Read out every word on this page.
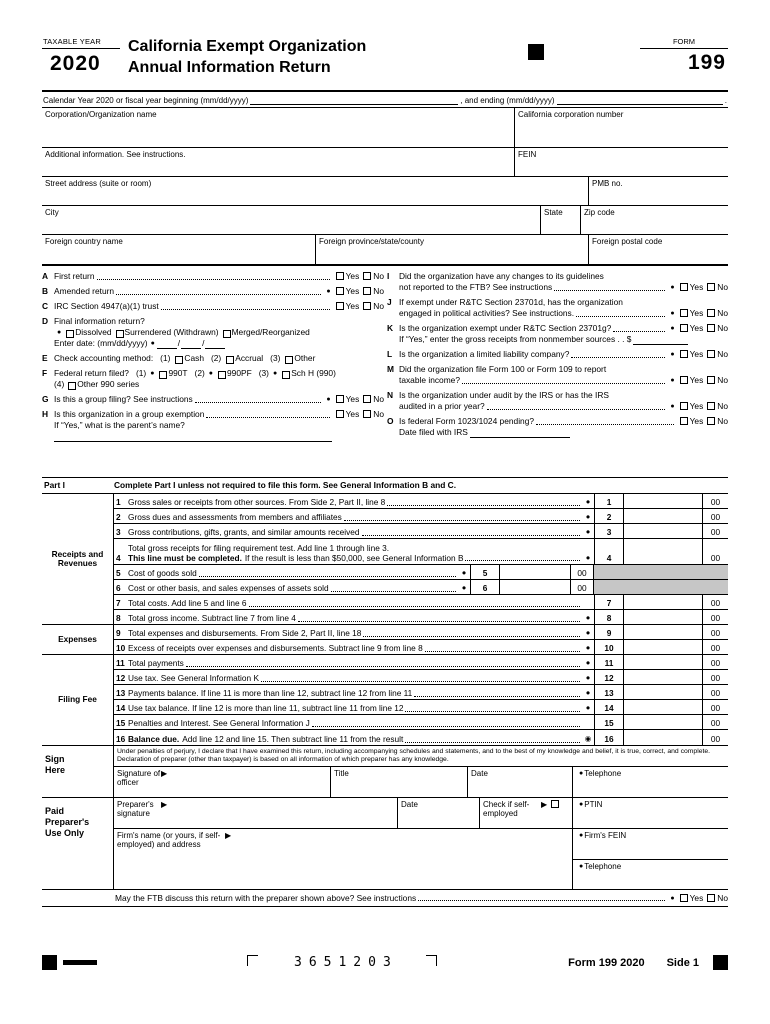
TAXABLE YEAR
2020
California Exempt Organization
Annual Information Return
FORM
199
Calendar Year 2020 or fiscal year beginning (mm/dd/yyyy)	, and ending (mm/dd/yyyy)	.
Corporation/Organization name	California corporation number
Additional information. See instructions.	FEIN
Street address (suite or room)	PMB no.
City	State	Zip code
Foreign country name	Foreign province/state/county	Foreign postal code
A First return	Yes No
B Amended return ●	Yes No
C IRC Section 4947(a)(1) trust	Yes No
D Final information return?
●
Dissolved Surrendered (Withdrawn) Merged/Reorganized
Enter date: (mm/dd/yyyy) ●	/	/
E Check accounting method: (1) Cash (2) Accrual (3) Other
F Federal return filed? (1) ●	990T (2) ●	990PF (3) ●	Sch H (990)
(4) Other 990 series
G Is this a group filing? See instructions ●	Yes No
H Is this organization in a group exemption	Yes No
If “Yes,” what is the parent’s name?
I	Did the organization have any changes to its guidelines
not reported to the FTB? See instructions ●	Yes No
J If exempt under R&TC Section 23701d, has the organization
engaged in political activities? See instructions. ●	Yes No
K Is the organization exempt under R&TC Section 23701g? ●	Yes No
If “Yes,” enter the gross receipts from nonmember sources . . $
L Is the organization a limited liability company? ●	Yes No
M Did the organization file Form 100 or Form 109 to report
taxable income? ●	Yes No
N Is the organization under audit by the IRS or has the IRS
audited in a prior year? ●	Yes No
O Is federal Form 1023/1024 pending?	Yes No
Date filed with IRS
Part I	Complete Part I unless not required to file this form. See General Information B and C.
Receipts and Revenues
Expenses
Filing Fee
1 Gross sales or receipts from other sources. From Side 2, Part II, line 8	●	1	00
2 Gross dues and assessments from members and affiliates	●	2	00
3 Gross contributions, gifts, grants, and similar amounts received	●	3	00
4
Total gross receipts for filing requirement test. Add line 1 through line 3.
This line must be completed. If the result is less than $50,000, see General Information B	●	4	00
5 Cost of goods sold	●	5	00
6 Cost or other basis, and sales expenses of assets sold	●	6	00
7 Total costs. Add line 5 and line 6	7	00
8 Total gross income. Subtract line 7 from line 4	●	8	00
9 Total expenses and disbursements. From Side 2, Part II, line 18	●	9	00
10 Excess of receipts over expenses and disbursements. Subtract line 9 from line 8	●	10	00
11 Total payments	●	11	00
12 Use tax. See General Information K	●	12	00
13 Payments balance. If line 11 is more than line 12, subtract line 12 from line 11	●	13	00
14 Use tax balance. If line 12 is more than line 11, subtract line 11 from line 12	●	14	00
15 Penalties and Interest. See General Information J	15	00
16 Balance due. Add line 12 and line 15. Then subtract line 11 from the result	◉	16	00
Sign Here
Under penalties of perjury, I declare that I have examined this return, including accompanying schedules and statements, and to the best of my knowledge and belief, it is true, correct, and complete. Declaration of preparer (other than taxpayer) is based on all information of which preparer has any knowledge.
Signature of officer▶
Title	Date ●	Telephone
Paid Preparer's Use Only
Preparer's signature▶
Date	Check if self-employed▶
● PTIN
Firm's name (or yours, if self-employed) and address▶
● Firm's FEIN
● Telephone
May the FTB discuss this return with the preparer shown above? See instructions ●	Yes No
3651203	Form 199 2020 Side 1
